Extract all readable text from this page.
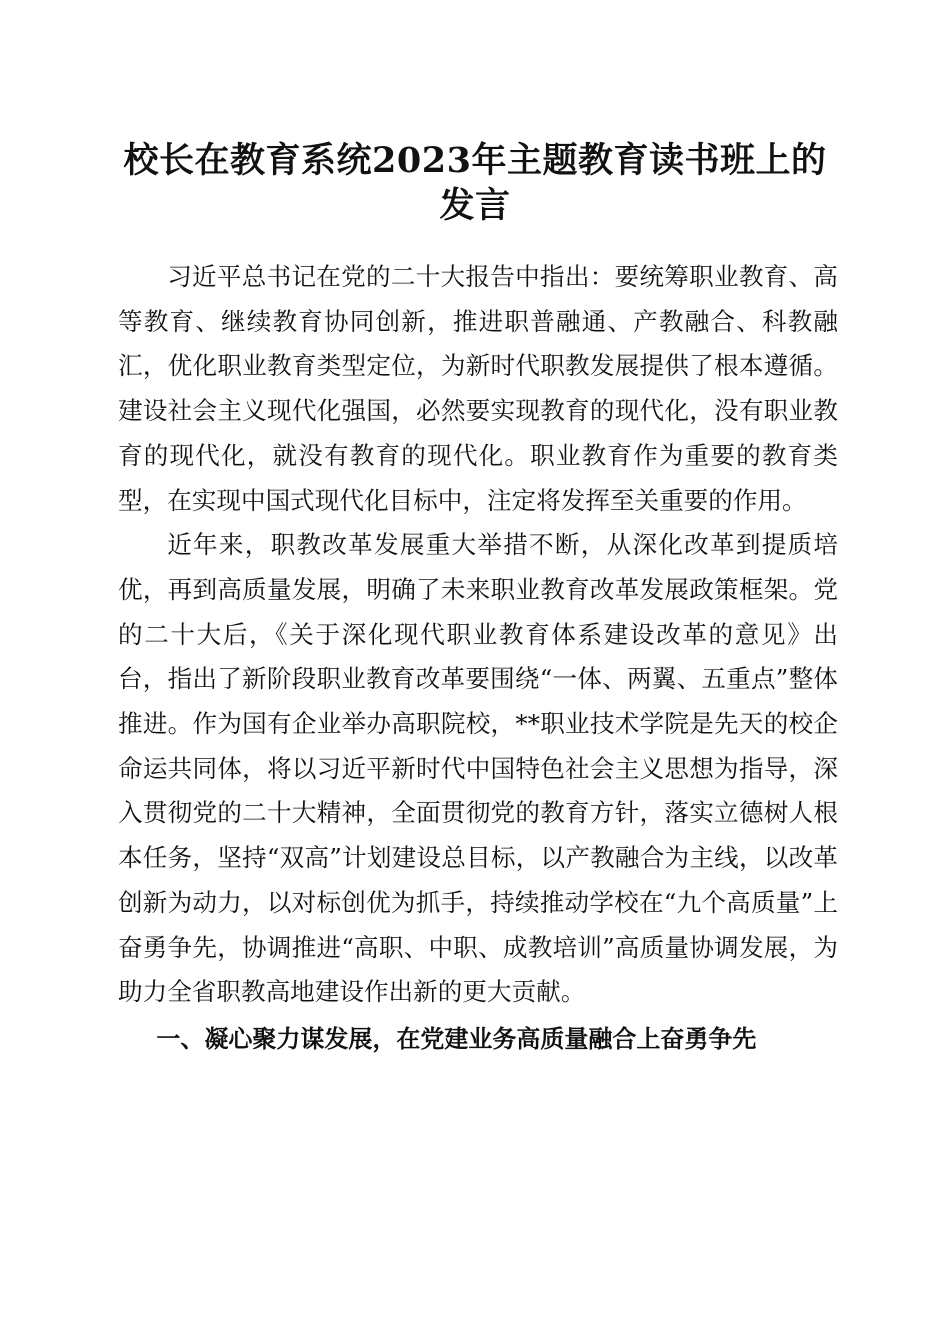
校长在教育系统2023年主题教育读书班上的
发言

习近平总书记在党的二十大报告中指出：要统筹职业教育、高等教育、继续教育协同创新，推进职普融通、产教融合、科教融汇，优化职业教育类型定位，为新时代职教发展提供了根本遵循。建设社会主义现代化强国，必然要实现教育的现代化，没有职业教育的现代化，就没有教育的现代化。职业教育作为重要的教育类型，在实现中国式现代化目标中，注定将发挥至关重要的作用。

近年来，职教改革发展重大举措不断，从深化改革到提质培优，再到高质量发展，明确了未来职业教育改革发展政策框架。党的二十大后，《关于深化现代职业教育体系建设改革的意见》出台，指出了新阶段职业教育改革要围绕“一体、两翼、五重点”整体推进。作为国有企业举办高职院校，**职业技术学院是先天的校企命运共同体，将以习近平新时代中国特色社会主义思想为指导，深入贯彻党的二十大精神，全面贯彻党的教育方针，落实立德树人根本任务，坚持“双高”计划建设总目标，以产教融合为主线，以改革创新为动力，以对标创优为抓手，持续推动学校在“九个高质量”上奋勇争先，协调推进“高职、中职、成教培训”高质量协调发展，为助力全省职教高地建设作出新的更大贡献。

一、凝心聚力谋发展，在党建业务高质量融合上奋勇争先
